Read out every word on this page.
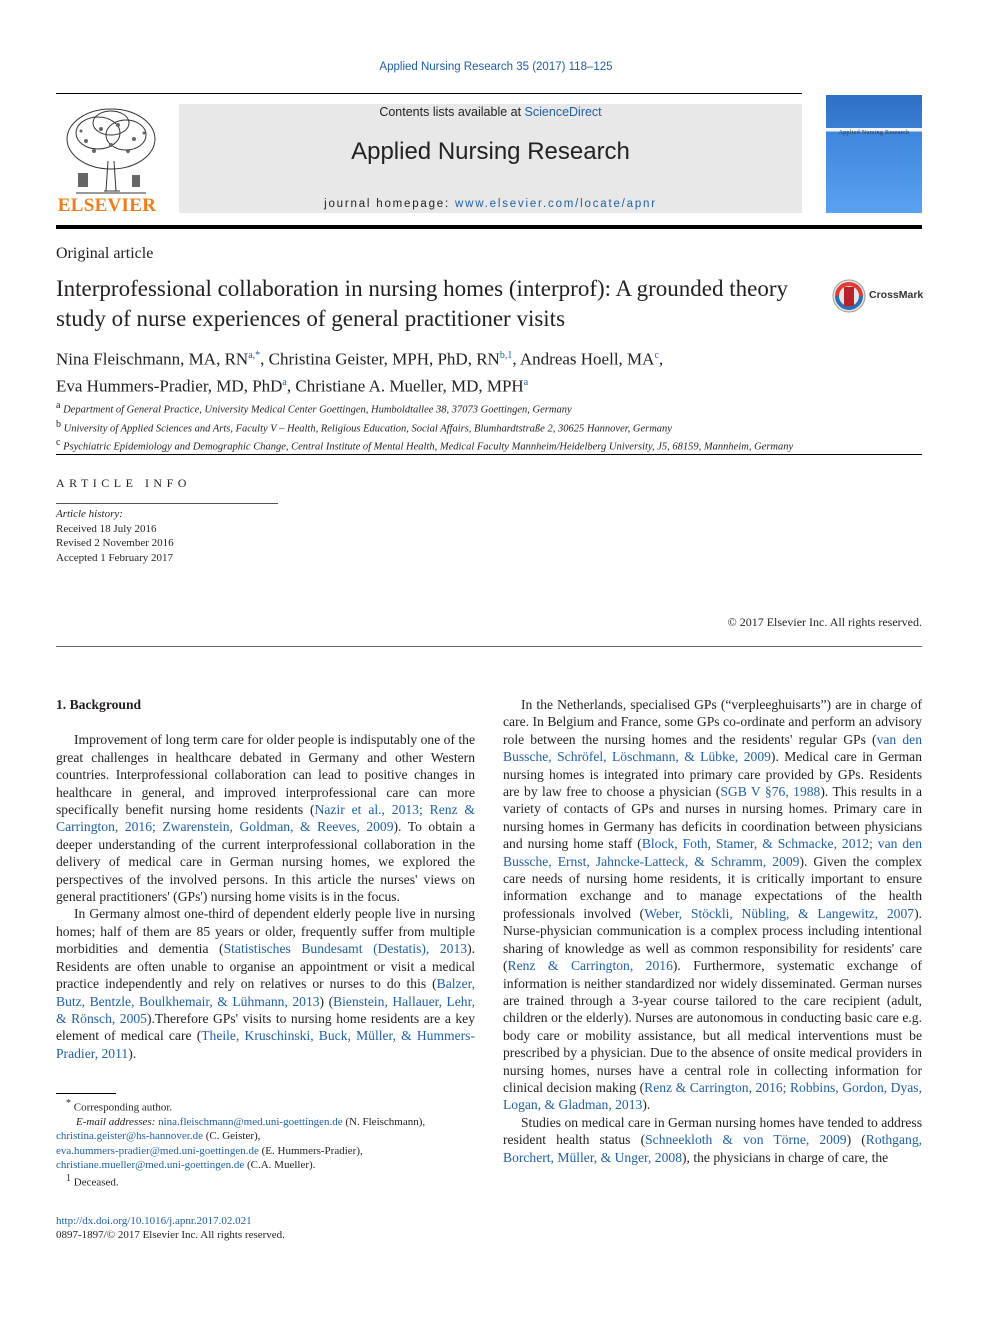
Applied Nursing Research 35 (2017) 118–125
ELSEVIER
Contents lists available at ScienceDirect
Applied Nursing Research
journal homepage: www.elsevier.com/locate/apnr
Applied Nursing Research
Original article
Interprofessional collaboration in nursing homes (interprof): A grounded theory study of nurse experiences of general practitioner visits
CrossMark
Nina Fleischmann, MA, $RN^{a,*}$, Christina Geister, MPH, PhD, RN$^{b,1}$, Andreas Hoell, $MA^c$,
Eva Hummers-Pradier, MD, PhD$^a$, Christiane A. Mueller, MD, MPH$^a$
$^a$ Department of General Practice, University Medical Center Goettingen, Humboldtallee 38, 37073 Goettingen, Germany
$^b$ University of Applied Sciences and Arts, Faculty V – Health, Religious Education, Social Affairs, Blumhardtstraße 2, 30625 Hannover, Germany
$^c$ Psychiatric Epidemiology and Demographic Change, Central Institute of Mental Health, Medical Faculty Mannheim/Heidelberg University, J5, 68159, Mannheim, Germany
ARTICLE INFO
Article history:
Received 18 July 2016
Revised 2 November 2016
Accepted 1 February 2017
© 2017 Elsevier Inc. All rights reserved.
1. Background

Improvement of long term care for older people is indisputably one of the great challenges in healthcare debated in Germany and other Western countries. Interprofessional collaboration can lead to positive changes in healthcare in general, and improved interprofessional care can more specifically benefit nursing home residents (Nazir et al., 2013; Renz & Carrington, 2016; Zwarenstein, Goldman, & Reeves, 2009). To obtain a deeper understanding of the current interprofessional collaboration in the delivery of medical care in German nursing homes, we explored the perspectives of the involved persons. In this article the nurses' views on general practitioners' (GPs') nursing home visits is in the focus.

In Germany almost one-third of dependent elderly people live in nursing homes; half of them are 85 years or older, frequently suffer from multiple morbidities and dementia (Statistisches Bundesamt (Destatis), 2013). Residents are often unable to organise an appointment or visit a medical practice independently and rely on relatives or nurses to do this (Balzer, Butz, Bentzle, Boulkhemair, & Lühmann, 2013) (Bienstein, Hallauer, Lehr, & Rönsch, 2005).Therefore GPs' visits to nursing home residents are a key element of medical care (Theile, Kruschinski, Buck, Müller, & Hummers-Pradier, 2011).

In the Netherlands, specialised GPs (“verpleeghuisarts”) are in charge of care. In Belgium and France, some GPs co-ordinate and perform an advisory role between the nursing homes and the residents' regular GPs (van den Bussche, Schröfel, Löschmann, & Lübke, 2009). Medical care in German nursing homes is integrated into primary care provided by GPs. Residents are by law free to choose a physician (SGB V §76, 1988). This results in a variety of contacts of GPs and nurses in nursing homes. Primary care in nursing homes in Germany has deficits in coordination between physicians and nursing home staff (Block, Foth, Stamer, & Schmacke, 2012; van den Bussche, Ernst, Jahncke-Latteck, & Schramm, 2009). Given the complex care needs of nursing home residents, it is critically important to ensure information exchange and to manage expectations of the health professionals involved (Weber, Stöckli, Nübling, & Langewitz, 2007). Nurse-physician communication is a complex process including intentional sharing of knowledge as well as common responsibility for residents' care (Renz & Carrington, 2016). Furthermore, systematic exchange of information is neither standardized nor widely disseminated. German nurses are trained through a 3-year course tailored to the care recipient (adult, children or the elderly). Nurses are autonomous in conducting basic care e.g. body care or mobility assistance, but all medical interventions must be prescribed by a physician. Due to the absence of onsite medical providers in nursing homes, nurses have a central role in collecting information for clinical decision making (Renz & Carrington, 2016; Robbins, Gordon, Dyas, Logan, & Gladman, 2013).

Studies on medical care in German nursing homes have tended to address resident health status (Schneekloth & von Törne, 2009) (Rothgang, Borchert, Müller, & Unger, 2008), the physicians in charge of care, the

* Corresponding author.

E-mail addresses: nina.fleischmann@med.uni-goettingen.de (N. Fleischmann),

christina.geister@hs-hannover.de (C. Geister),

eva.hummers-pradier@med.uni-goettingen.de (E. Hummers-Pradier),

christiane.mueller@med.uni-goettingen.de (C.A. Mueller).

$^1$ Deceased.

http://dx.doi.org/10.1016/j.apnr.2017.02.021
0897-1897/© 2017 Elsevier Inc. All rights reserved.
